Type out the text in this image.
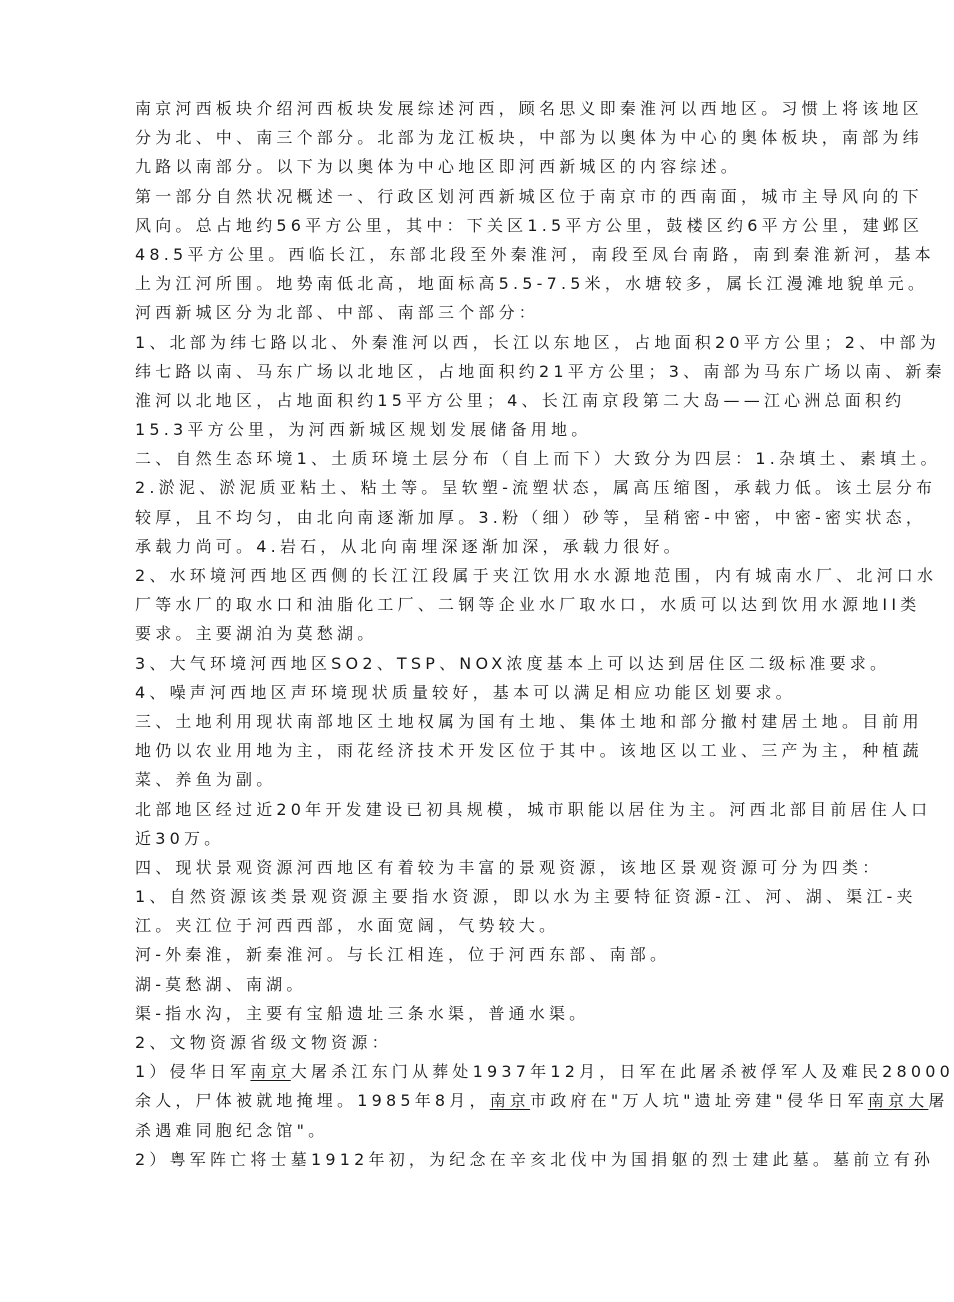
南京河西板块介绍河西板块发展综述河西，顾名思义即秦淮河以西地区。习惯上将该地区
分为北、中、南三个部分。北部为龙江板块，中部为以奥体为中心的奥体板块，南部为纬
九路以南部分。以下为以奥体为中心地区即河西新城区的内容综述。
第一部分自然状况概述一、行政区划河西新城区位于南京市的西南面，城市主导风向的下
风向。总占地约56平方公里，其中：下关区1.5平方公里，鼓楼区约6平方公里，建邺区
48.5平方公里。西临长江，东部北段至外秦淮河，南段至凤台南路，南到秦淮新河，基本
上为江河所围。地势南低北高，地面标高5.5-7.5米，水塘较多，属长江漫滩地貌单元。
河西新城区分为北部、中部、南部三个部分：
1、北部为纬七路以北、外秦淮河以西，长江以东地区，占地面积20平方公里；2、中部为
纬七路以南、马东广场以北地区，占地面积约21平方公里；3、南部为马东广场以南、新秦
淮河以北地区，占地面积约15平方公里；4、长江南京段第二大岛——江心洲总面积约
15.3平方公里，为河西新城区规划发展储备用地。
二、自然生态环境1、土质环境土层分布（自上而下）大致分为四层：1.杂填土、素填土。
2.淤泥、淤泥质亚粘土、粘土等。呈软塑-流塑状态，属高压缩图，承载力低。该土层分布
较厚，且不均匀，由北向南逐渐加厚。3.粉（细）砂等，呈稍密-中密，中密-密实状态，
承载力尚可。4.岩石，从北向南埋深逐渐加深，承载力很好。
2、水环境河西地区西侧的长江江段属于夹江饮用水水源地范围，内有城南水厂、北河口水
厂等水厂的取水口和油脂化工厂、二钢等企业水厂取水口，水质可以达到饮用水源地II类
要求。主要湖泊为莫愁湖。
3、大气环境河西地区SO2、TSP、NOX浓度基本上可以达到居住区二级标准要求。
4、噪声河西地区声环境现状质量较好，基本可以满足相应功能区划要求。
三、土地利用现状南部地区土地权属为国有土地、集体土地和部分撤村建居土地。目前用
地仍以农业用地为主，雨花经济技术开发区位于其中。该地区以工业、三产为主，种植蔬
菜、养鱼为副。
北部地区经过近20年开发建设已初具规模，城市职能以居住为主。河西北部目前居住人口
近30万。
四、现状景观资源河西地区有着较为丰富的景观资源，该地区景观资源可分为四类：
1、自然资源该类景观资源主要指水资源，即以水为主要特征资源-江、河、湖、渠江-夹
江。夹江位于河西西部，水面宽阔，气势较大。
河-外秦淮，新秦淮河。与长江相连，位于河西东部、南部。
湖-莫愁湖、南湖。
渠-指水沟，主要有宝船遗址三条水渠，普通水渠。
2、文物资源省级文物资源：
1）侵华日军南京大屠杀江东门从葬处1937年12月，日军在此屠杀被俘军人及难民28000
余人，尸体被就地掩埋。1985年8月，南京市政府在"万人坑"遗址旁建"侵华日军南京大屠
杀遇难同胞纪念馆"。
2）粤军阵亡将士墓1912年初，为纪念在辛亥北伐中为国捐躯的烈士建此墓。墓前立有孙
